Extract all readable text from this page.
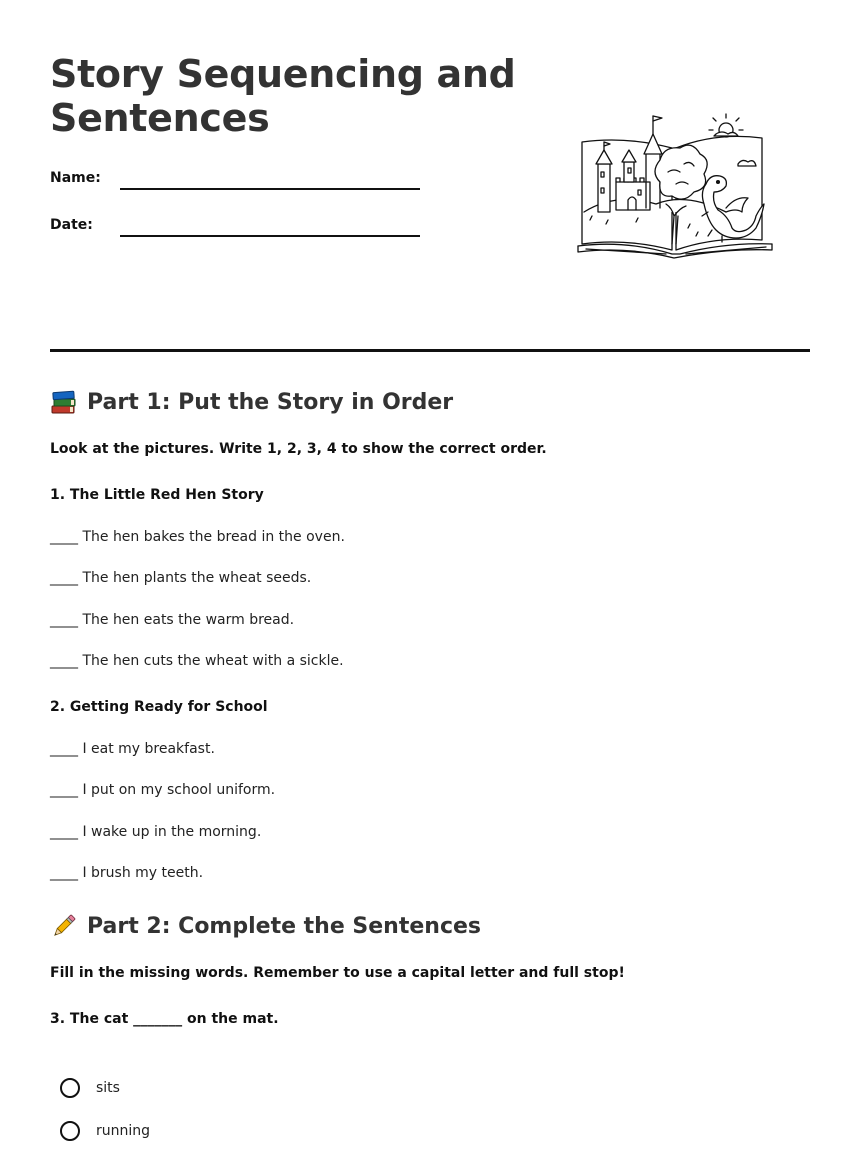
Story Sequencing and Sentences
Name:
Date:
Part 1: Put the Story in Order

Look at the pictures. Write 1, 2, 3, 4 to show the correct order.

1. The Little Red Hen Story

____ The hen bakes the bread in the oven.

____ The hen plants the wheat seeds.

____ The hen eats the warm bread.

____ The hen cuts the wheat with a sickle.

2. Getting Ready for School

____ I eat my breakfast.

____ I put on my school uniform.

____ I wake up in the morning.

____ I brush my teeth.

Part 2: Complete the Sentences

Fill in the missing words. Remember to use a capital letter and full stop!

3. The cat _______ on the mat.

sits
running
